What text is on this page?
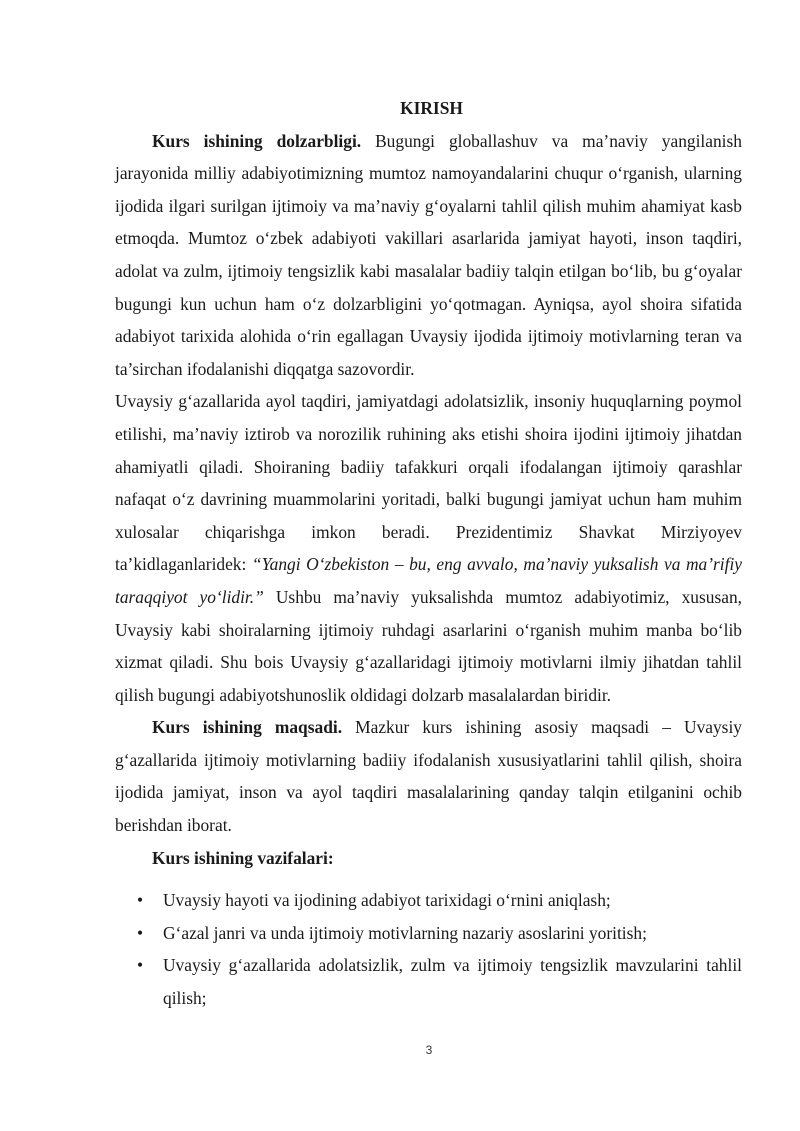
KIRISH

Kurs ishining dolzarbligi. Bugungi globallashuv va ma’naviy yangilanish jarayonida milliy adabiyotimizning mumtoz namoyandalarini chuqur o‘rganish, ularning ijodida ilgari surilgan ijtimoiy va ma’naviy g‘oyalarni tahlil qilish muhim ahamiyat kasb etmoqda. Mumtoz o‘zbek adabiyoti vakillari asarlarida jamiyat hayoti, inson taqdiri, adolat va zulm, ijtimoiy tengsizlik kabi masalalar badiiy talqin etilgan bo‘lib, bu g‘oyalar bugungi kun uchun ham o‘z dolzarbligini yo‘qotmagan. Ayniqsa, ayol shoira sifatida adabiyot tarixida alohida o‘rin egallagan Uvaysiy ijodida ijtimoiy motivlarning teran va ta’sirchan ifodalanishi diqqatga sazovordir.

Uvaysiy g‘azallarida ayol taqdiri, jamiyatdagi adolatsizlik, insoniy huquqlarning poymol etilishi, ma’naviy iztirob va norozilik ruhining aks etishi shoira ijodini ijtimoiy jihatdan ahamiyatli qiladi. Shoiraning badiiy tafakkuri orqali ifodalangan ijtimoiy qarashlar nafaqat o‘z davrining muammolarini yoritadi, balki bugungi jamiyat uchun ham muhim xulosalar chiqarishga imkon beradi. Prezidentimiz Shavkat Mirziyoyev ta’kidlaganlaridek: “Yangi O‘zbekiston – bu, eng avvalo, ma’naviy yuksalish va ma’rifiy taraqqiyot yo‘lidir.” Ushbu ma’naviy yuksalishda mumtoz adabiyotimiz, xususan, Uvaysiy kabi shoiralarning ijtimoiy ruhdagi asarlarini o‘rganish muhim manba bo‘lib xizmat qiladi. Shu bois Uvaysiy g‘azallaridagi ijtimoiy motivlarni ilmiy jihatdan tahlil qilish bugungi adabiyotshunoslik oldidagi dolzarb masalalardan biridir.

Kurs ishining maqsadi. Mazkur kurs ishining asosiy maqsadi – Uvaysiy g‘azallarida ijtimoiy motivlarning badiiy ifodalanish xususiyatlarini tahlil qilish, shoira ijodida jamiyat, inson va ayol taqdiri masalalarining qanday talqin etilganini ochib berishdan iborat.

Kurs ishining vazifalari:

• Uvaysiy hayoti va ijodining adabiyot tarixidagi o‘rnini aniqlash;
• G‘azal janri va unda ijtimoiy motivlarning nazariy asoslarini yoritish;
• Uvaysiy g‘azallarida adolatsizlik, zulm va ijtimoiy tengsizlik mavzularini tahlil qilish;
3
